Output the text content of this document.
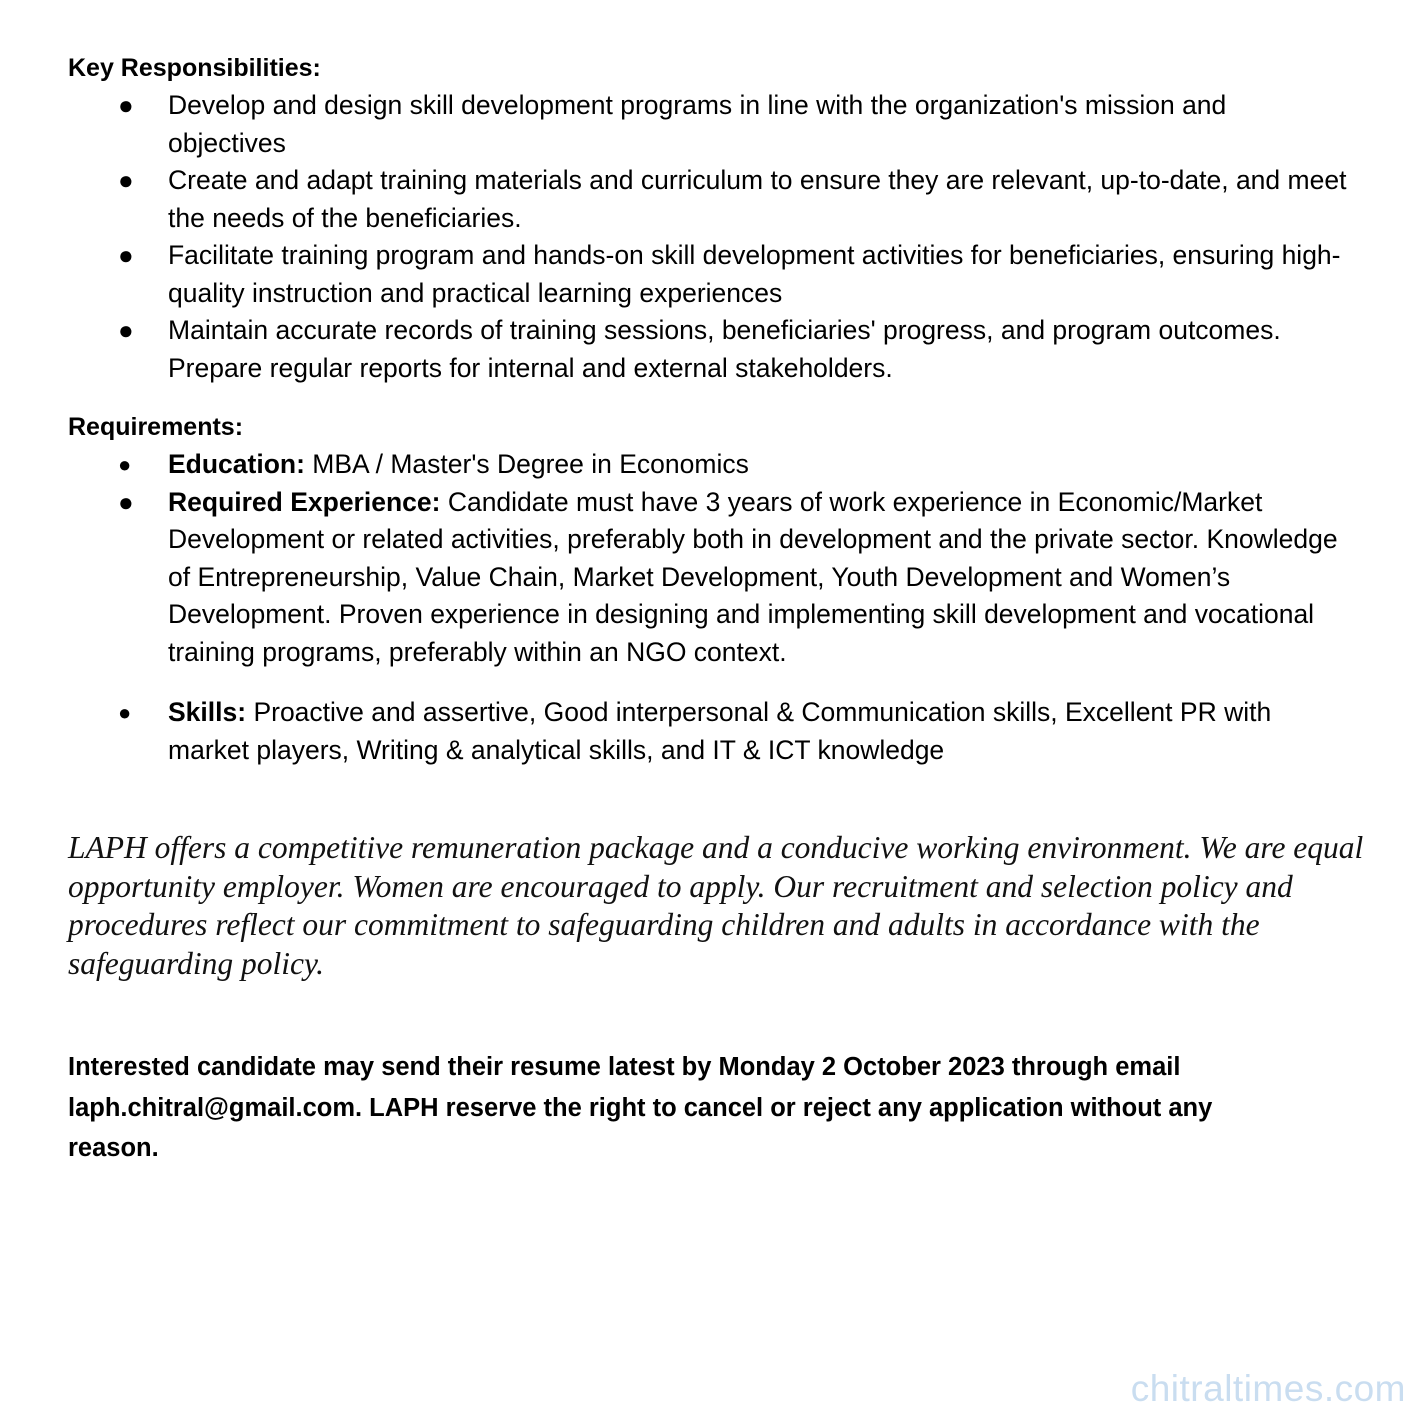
Key Responsibilities:

● Develop and design skill development programs in line with the organization's mission and objectives
● Create and adapt training materials and curriculum to ensure they are relevant, up-to-date, and meet the needs of the beneficiaries.
● Facilitate training program and hands-on skill development activities for beneficiaries, ensuring high-quality instruction and practical learning experiences
● Maintain accurate records of training sessions, beneficiaries' progress, and program outcomes. Prepare regular reports for internal and external stakeholders.

Requirements:

● Education: MBA / Master's Degree in Economics
● Required Experience: Candidate must have 3 years of work experience in Economic/Market Development or related activities, preferably both in development and the private sector. Knowledge of Entrepreneurship, Value Chain, Market Development, Youth Development and Women’s Development. Proven experience in designing and implementing skill development and vocational training programs, preferably within an NGO context.
● Skills: Proactive and assertive, Good interpersonal & Communication skills, Excellent PR with market players, Writing & analytical skills, and IT & ICT knowledge

LAPH offers a competitive remuneration package and a conducive working environment. We are equal opportunity employer. Women are encouraged to apply. Our recruitment and selection policy and procedures reflect our commitment to safeguarding children and adults in accordance with the safeguarding policy.

Interested candidate may send their resume latest by Monday 2 October 2023 through email laph.chitral@gmail.com. LAPH reserve the right to cancel or reject any application without any reason.

chitraltimes.com
